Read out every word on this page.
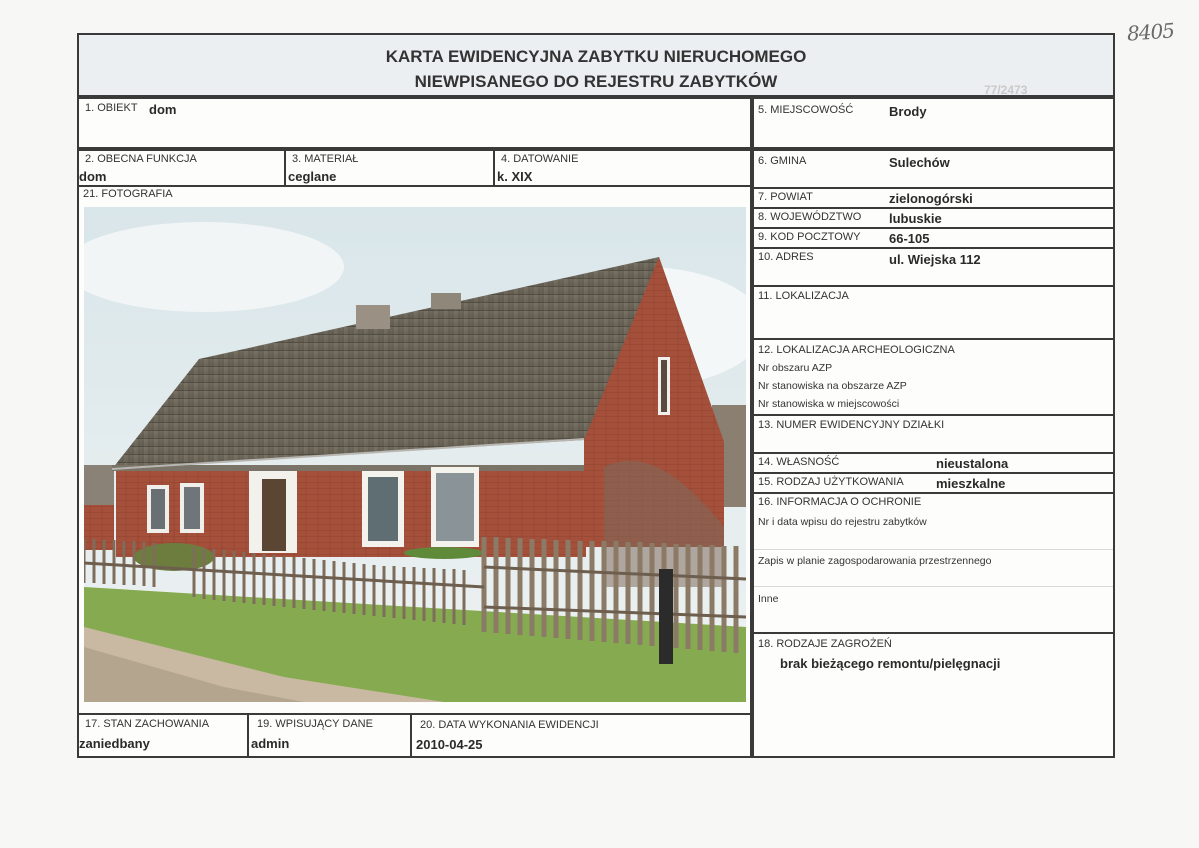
8405
KARTA EWIDENCYJNA ZABYTKU NIERUCHOMEGO
NIEWPISANEGO DO REJESTRU ZABYTKÓW	77/2473
1. OBIEKT dom
2. OBECNA FUNKCJA
dom
3. MATERIAŁ
ceglane
4. DATOWANIE
k. XIX
21. FOTOGRAFIA
17. STAN ZACHOWANIA
zaniedbany
19. WPISUJĄCY DANE
admin
20. DATA WYKONANIA EWIDENCJI
2010-04-25
5. MIEJSCOWOŚĆ	Brody
6. GMINA	Sulechów
7. POWIAT	zielonogórski
8. WOJEWÓDZTWO lubuskie
9. KOD POCZTOWY 66-105
10. ADRES	ul. Wiejska 112
11. LOKALIZACJA
12. LOKALIZACJA ARCHEOLOGICZNA
Nr obszaru AZP
Nr stanowiska na obszarze AZP
Nr stanowiska w miejscowości
13. NUMER EWIDENCYJNY DZIAŁKI
14. WŁASNOŚĆ	nieustalona
15. RODZAJ UŻYTKOWANIA mieszkalne
16. INFORMACJA O OCHRONIE
Nr i data wpisu do rejestru zabytków
Zapis w planie zagospodarowania przestrzennego
Inne
18. RODZAJE ZAGROŻEŃ
brak bieżącego remontu/pielęgnacji
